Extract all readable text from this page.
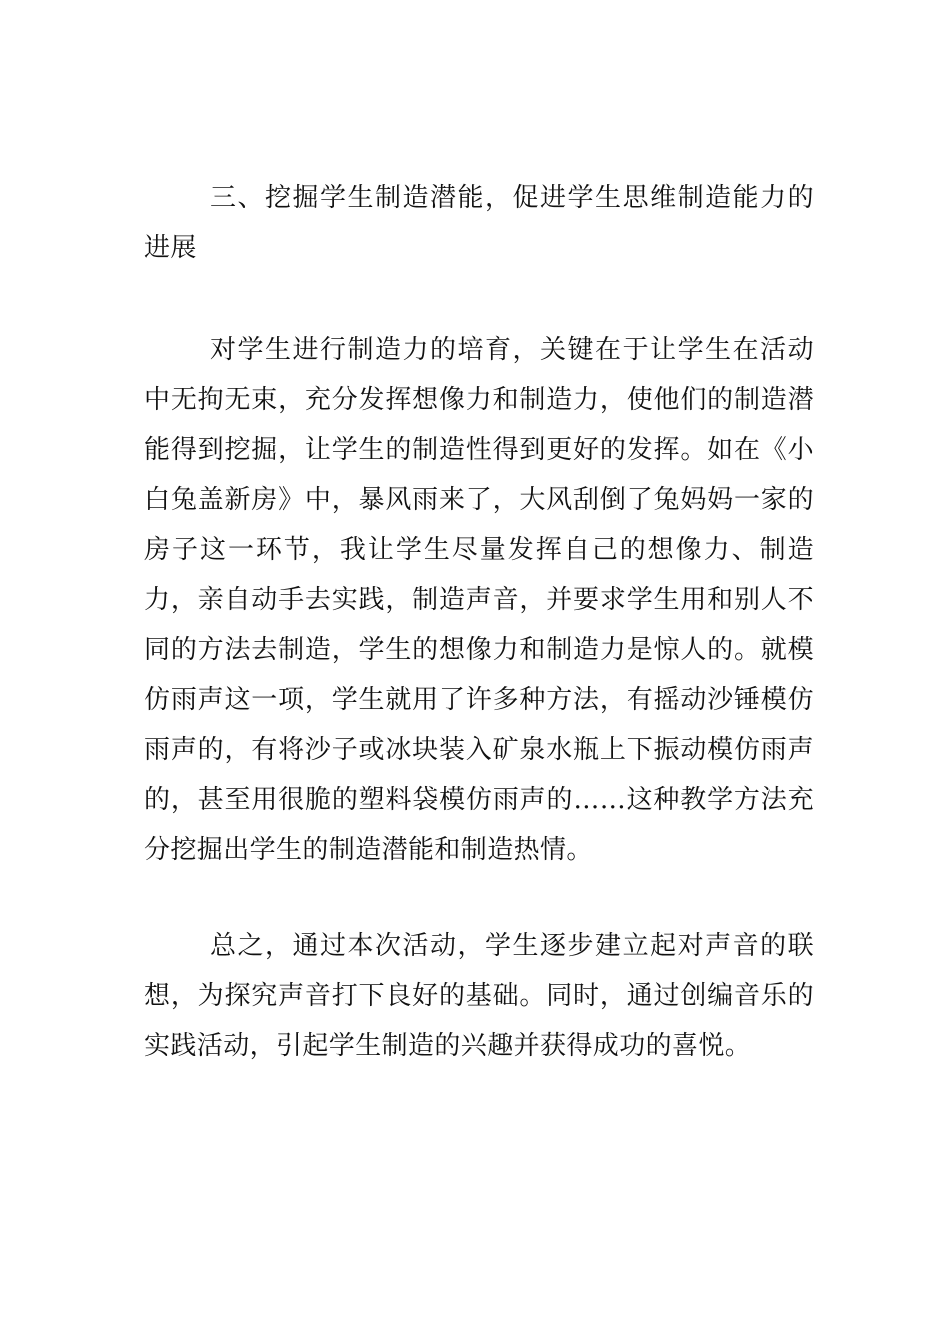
三、挖掘学生制造潜能，促进学生思维制造能力的进展

对学生进行制造力的培育，关键在于让学生在活动中无拘无束，充分发挥想像力和制造力，使他们的制造潜能得到挖掘，让学生的制造性得到更好的发挥。如在《小白兔盖新房》中，暴风雨来了，大风刮倒了兔妈妈一家的房子这一环节，我让学生尽量发挥自己的想像力、制造力，亲自动手去实践，制造声音，并要求学生用和别人不同的方法去制造，学生的想像力和制造力是惊人的。就模仿雨声这一项，学生就用了许多种方法，有摇动沙锤模仿雨声的，有将沙子或冰块装入矿泉水瓶上下振动模仿雨声的，甚至用很脆的塑料袋模仿雨声的……这种教学方法充分挖掘出学生的制造潜能和制造热情。

总之，通过本次活动，学生逐步建立起对声音的联想，为探究声音打下良好的基础。同时，通过创编音乐的实践活动，引起学生制造的兴趣并获得成功的喜悦。
